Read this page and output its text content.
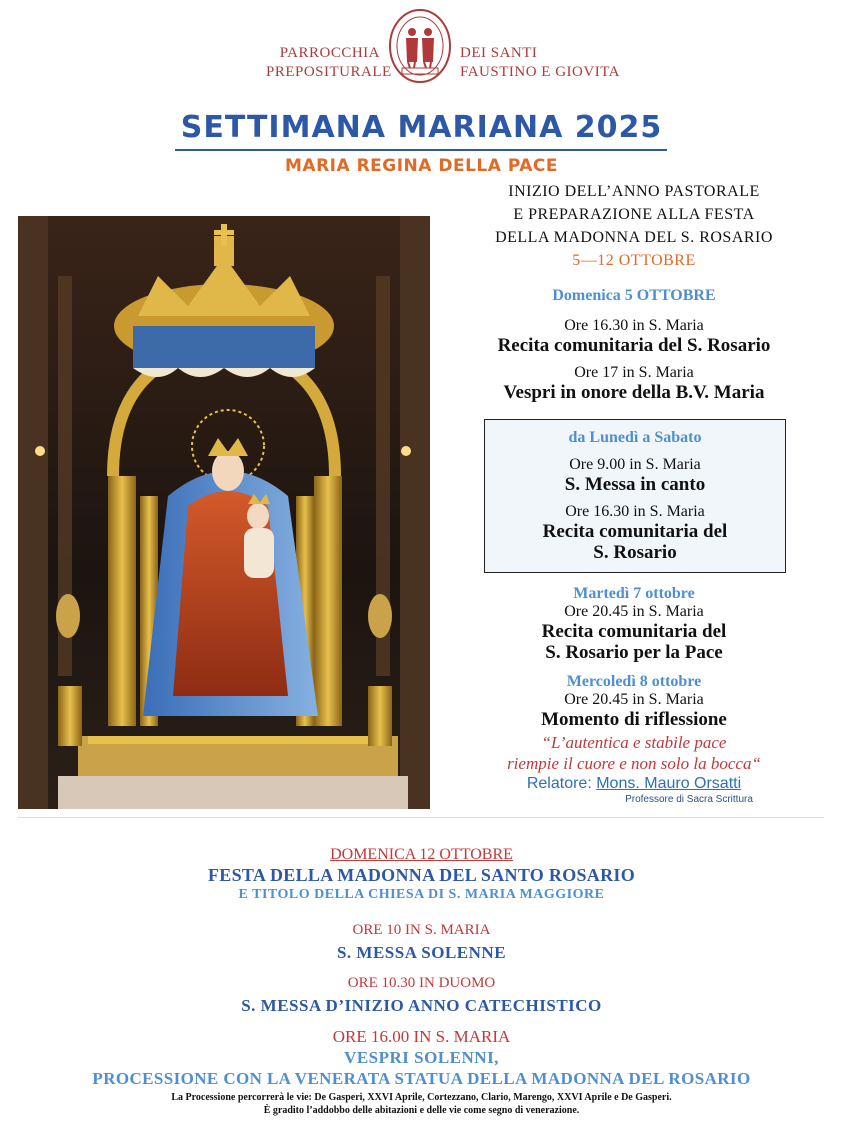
PARROCCHIA
PREPOSITURALE
DEI SANTI
FAUSTINO E GIOVITA
SETTIMANA MARIANA 2025
MARIA REGINA DELLA PACE
INIZIO DELL’ANNO PASTORALE
E PREPARAZIONE ALLA FESTA
DELLA MADONNA DEL S. ROSARIO
5—12 OTTOBRE
Domenica 5 OTTOBRE
Ore 16.30 in S. Maria
Recita comunitaria del S. Rosario
Ore 17 in S. Maria
Vespri in onore della B.V. Maria
da Lunedì a Sabato
Ore 9.00 in S. Maria
S. Messa in canto
Ore 16.30 in S. Maria
Recita comunitaria del
S. Rosario
Martedì 7 ottobre
Ore 20.45 in S. Maria
Recita comunitaria del
S. Rosario per la Pace
Mercoledì 8 ottobre
Ore 20.45 in S. Maria
Momento di riflessione
“L’autentica e stabile pace
riempie il cuore e non solo la bocca“
Relatore: Mons. Mauro Orsatti
Professore di Sacra Scrittura
DOMENICA 12 OTTOBRE
FESTA DELLA MADONNA DEL SANTO ROSARIO
E TITOLO DELLA CHIESA DI S. MARIA MAGGIORE
ORE 10 IN S. MARIA
S. MESSA SOLENNE
ORE 10.30 IN DUOMO
S. MESSA D’INIZIO ANNO CATECHISTICO
ORE 16.00 IN S. MARIA
VESPRI SOLENNI,
PROCESSIONE CON LA VENERATA STATUA DELLA MADONNA DEL ROSARIO
La Processione percorrerà le vie: De Gasperi, XXVI Aprile, Cortezzano, Clario, Marengo, XXVI Aprile e De Gasperi.
È gradito l’addobbo delle abitazioni e delle vie come segno di venerazione.
